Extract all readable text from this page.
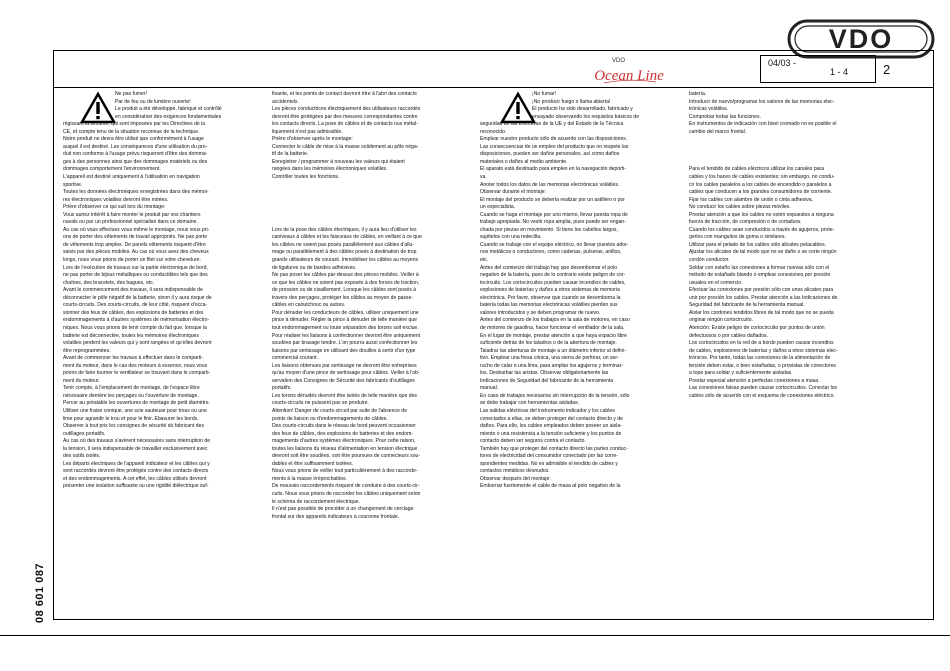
VDO
VDO
Ocean Line
04/03 -
1 - 4	2
Ne pas fumer!
Par de feu ou de lumière ouverte!
Le produit a été développé, fabriqué et contrôlé
en considération des exigences fondamentales
régissant la sécurité, qui sont imposées par les Directives de la
CE, et compte tenu de la situation reconnue de la technique.
Notre produit ne devra être utilisé que conformément à l'usage
auquel il est destiné. Les conséquences d'une utilisation du pro-
duit non conforme à l'usage prévu risqueront d'être des domma-
ges à des personnes ainsi que des dommages matériels ou des
dommages comportement l'environnement.
L'appareil est destiné uniquement à l'utilisation en navigation
sportive.
Toutes les données électroniques enregistrées dans des mémoi-
res électroniques volatiles devront être notées.
Prière d'observer ce qui suit lors du montage:
Vous auriez intérêt à faire monter le produit par vos chantiers
navals ou par un professionnel spécialisé dans ce domaine.
Au cas où vous effectuez vous-même le montage, nous vous pri-
ons de porter des vêtements de travail appropriés. Ne pas porte
de vêtements trop amples. De pareils vêtements risquent d'être
saisis par des pièces mobiles. Au cas où vous avez des cheveux
longs, nous vous prions de porter un filet sur votre chevelure.
Lors de l'exécution de travaux sur la partie électronique de bord,
ne pas porter de bijoux métalliques ou conductibles tels que des
chaînes, des bracelets, des bagues, etc.
Avant le commencement des travaux, il sera indispensable de
déconnecter le pôle négatif de la batterie, sinon il y aura risque de
courts-circuits. Des courts-circuits, de leur côté, risquent d'occa-
sionner des feux de câbles, des explosions de batteries et des
endommagements à d'autres systèmes de mémorisation électro-
niques. Nous vous prions de tenir compte du fait que, lorsque la
batterie est déconnectée, toutes les mémoires électroniques
volatiles perdent les valeurs qui y sont rangées et qu'elles devront
être reprogrammées.
Avant de commencer les travaux à effectuer dans le comparti-
ment du moteur, dans le cas des moteurs à essence, nous vous
prions de faire tourner le ventilateur se trouvant dans le comparti-
ment du moteur.
Tenir compte, à l'emplacement de montage, de l'espace libre
nécessaire derrière les perçages ou l'ouverture de montage.
Percer au préalable les ouvertures de montage de petit diamètre.
Utiliser une fraise conique, une scie sauteuse pour trous ou une
lime pour agrandir le trou et pour le finir. Ebavurer les bords.
Observer à tout prix les consignes de sécurité du fabricant des
outillages portatifs.
Au cas où des travaux s'avèrent nécessaires sans interruption de
la tension, il sera indispensable de travailler exclusivement avec
des outils isolés.
Les départs électriques de l'appareil indicateur et les câbles qui y
sont raccordés devront être protégés contre des contacts directs
et des endommagements. A cet effet, les câbles utilisés devront
présenter une isolation suffisante ou une rigidité diélectrique suf-
fisante, et les points de contact devront être à l'abri des contacts
accidentels.
Les pièces conductrices électriquement des utilisateurs raccordés
devront être protégées par des mesures correspondantes contre
les contacts directs. La pose de câbles et de contacts nus métal-
liquement n'est pas admissible.
Prière d'observer après le montage:
Connecter le câble de mise à la masse solidement au pôle néga-
tif de la batterie.
Enregistrer / programmer à nouveau les valeurs qui étaient
rangées dans les mémoires électroniques volatiles.
Contrôler toutes les fonctions.
Lors de la pose des câbles électriques, il y aura lieu d'utiliser les
caniveaux à câbles et les faisceaux de câbles, en veillant à ce que
les câbles ne soient pas posés parallèlement aux câbles d'allu-
mage ou parallèlement à des câbles posés à destination de trop
grands utilisateurs de courant. Immobiliser les câbles au moyens
de ligatures ou de bandes adhésives.
Ne pas poser les câbles par-dessus des pièces mobiles. Veiller à
ce que les câbles ne soient pas exposés à des forces de traction,
de pression ou de cisaillement. Lorsque les câbles sont posés à
travers des perçages, protéger les câbles au moyen de passe-
câbles en caoutchouc ou autres.
Pour dénuder les conducteurs de câbles, utiliser uniquement une
pince à dénuder. Régler la pince à dénuder de telle manière que
tout endommagement ou toute séparation des torons soit exclue.
Pour réaliser les liaisons à confectionner devront être uniquement
soudées par brasage tendre. L'on pourra aussi confectionner les
liaisons par sertissage en utilisant des douilles à sertir d'un type
commercial courant.
Les liaisons obtenues par sertissage ne devront être entreprises
qu'au moyen d'une pince de sertissage pour câbles. Veiller à l'ob-
servation des Consignes de Sécurité des fabricants d'outillages
portatifs.
Les torons dénudés devront être isolés de telle manière que des
courts-circuits ne puissent pas se produire.
Attention! Danger de courts-circuit par suite de l'absence de
points de liaison ou d'endommagements de câbles.
Des courts-circuits dans le réseau de bord peuvent occasionner
des feux de câbles, des explosions de batteries et des endom-
magements d'autres systèmes électroniques. Pour cette raison,
toutes les liaisons du réseau d'alimentation en tension électrique
devront soit être soudées, soit être pourvues de connecteurs sou-
dables et être suffisamment isolées.
Nous vous prions de veiller tout particulièrement à des raccorde-
ments à la masse irréprochables.
De mauvais raccordements risquent de conduire à des courts-cir-
cuits. Nous vous prions de raccorder les câbles uniquement selon
le schéma de raccordement électrique.
Il n'est pas possible de procéder à un changement de cerclage
frontal sur des appareils indicateurs à couronne frontale.
¡No fumar!
¡No producir fuego o llama abierta!
El producto ha sido desarrollado, fabricado y
ensayado observando los requisitos básicos de
seguridad de las Directivas de la UE y del Estado de la Técnica
reconocido.
Emplear nuestro producto sólo de acuerdo con las disposiciones.
Las consecuencias de un empleo del producto que no respete las
disposiciones, pueden ser daños personales, así como daños
materiales o daños al medio ambiente.
El aparato está destinado para empleo en la navegación deporti-
va.
Anoter todos los datos de las memorias electrónicas volátiles.
Observar durante el montaje:
El montaje del producto se debería realizar por un astillero o por
un especialista.
Cuando se haga el montaje por uno mismo, llevar puesta ropa de
trabajo apropiada. No vestir ropa amplia, pues puede ser engan-
chada por piezas en movimiento. Si tiene los cabellos largos,
sujételos con una redecilla.
Cuando se trabaje con el equipo eléctrico, no llevar puestos ador-
nos metálicos o conductores, como cadenas, pulseras, anillos,
etc.
Antes del comienzo del trabajo hay que desembornar el polo
negativo de la batería, pues de lo contrario existe peligro de cor-
tocircuito. Los cortocircuitos pueden causar incendios de cables,
explosiones de baterías y daños a otros sistemas de memoria
electrónica. Por favor, observar que cuando se desemborna la
batería todas las memorias electrónicas volátiles pierden sus
valores introducidos y se deben programar de nuevo.
Antes del comienzo de los trabajos en la sala de motores, en caso
de motores de gasolina, hacer funcionar el ventilador de la sala.
En el lugar de montaje, prestar atención a que haya espacio libre
suficiente detrás de los taladros o de la abertura de montaje.
Taladrar las aberturas de montaje a un diámetro inferior al defini-
tivo. Emplear una fresa cónica, una sierra de perforar, un ser-
rucho de calar o una lima, para ampliar los agujeros y terminar-
los. Desbarbar las aristas. Observar obligatoriamente las
Indicaciones de Seguridad del fabricante de la herramienta
manual.
En caso de trabajos necesarios sin interrupción de la tensión, sólo
se debe trabajar con herramientas aisladas.
Las salidas eléctricas del instrumento indicador y los cables
conectados a ellas, se deben proteger del contacto directo y de
daños. Para ello, los cables empleados deben poseer un aisla-
miento o una resistencia a la tensión suficiente y los puntos de
contacto deben ser seguros contra el contacto.
También hay que proteger del contacto directo las partes conduc-
tores de electricidad del consumidor conectado por las corre-
spondientes medidas. No es admisible el tendido de cables y
contactos metálicos desnudos.
Observar después del montaje:
Embornar fuertemente el cable de masa al polo negativo de la
batería.
Introducir de nuevo/programar los valores de las memorias elec-
trónicas volátiles.
Comprobar todas las funciones.
En instrumentos de indicación con bisel cromado no es posible el
cambio del marco frontal.
Para el tendido de cables eléctricos utilizar los canales para
cables y los haces de cables existentes; sin embargo, no condu-
cir los cables paralelos a los cables de encendido o paralelos a
cables que conducen a los grandes consumidores de corriente.
Fijar los cables con alambre de unión o cinta adhesiva.
No conducir los cables sobre piezas móviles.
Prestar atención a que los cables no estén expuestos a ninguna
fuerza de tracción, de compresión o de cortadura.
Cuando los cables sean conducidos a través de agujeros, prote-
gerlos con manguitos de goma o similares.
Utilizar para el pelado de los cables sólo alicates pelacables.
Ajustar los alicates de tal modo que no se dañe o se corte ningún
cordón conductor.
Soldar con estaño las conexiones a formar nuevas sólo con el
método de estañado blando o emplear conexiones por presión
usuales en el comercio.
Efectuar las conexiones por presión sólo con unos alicates para
unir por presión los cables. Prestar atención a las Indicaciones de
Seguridad del fabricante de la herramienta manual.
Aislar los cordones tendidos libres de tal modo que no se pueda
originar ningún cortocircuito.
Atención: Existe peligro de cortocircuito por puntos de unión
defectuosos o por cables dañados.
Los cortocircuitos en la red de a bordo pueden causar incendios
de cables, explosiones de baterías y daños a otros sistemas elec-
trónicos. Por tanto, todas las conexiones de la alimentación de
tensión deben estar, o bien estañadas, o provistas de conectores
a tope para soldar y suficientemente aisladas.
Prestar especial atención a perfectas conexiones a masa.
Las conexiones falsas pueden causar cortocircuitos. Conectar los
cables sólo de acuerdo con el esquema de conexiones eléctrico.
08 601 087
